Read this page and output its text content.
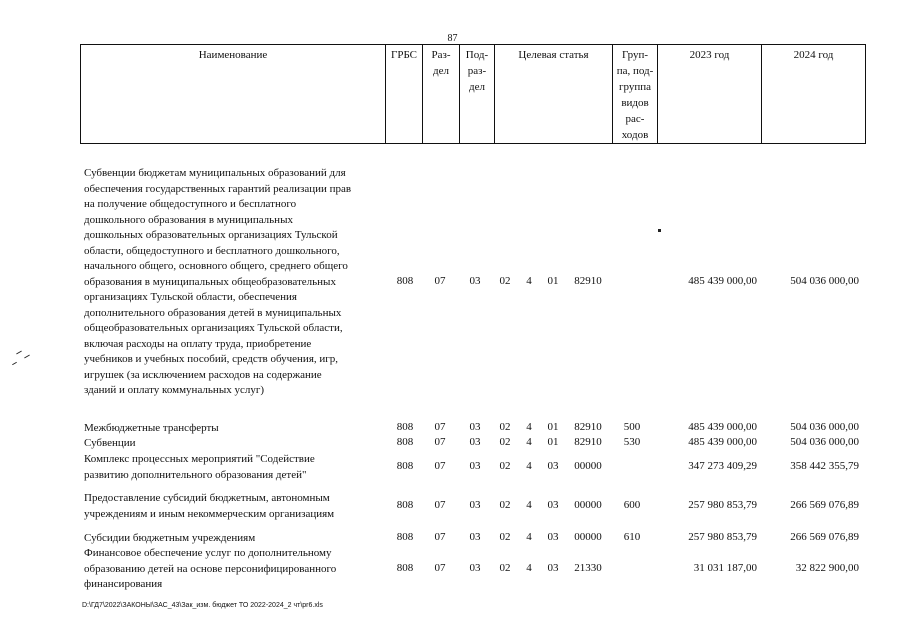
87
Наименование	ГРБС	Раз-
дел

Под-
раз-
дел
	Целевая статья	Груп-
па, под-
группа
видов
рас-
ходов
	2023 год	2024 год
Субвенции бюджетам муниципальных образований для
обеспечения государственных гарантий реализации прав
на получение общедоступного и бесплатного
дошкольного образования в муниципальных
дошкольных образовательных организациях Тульской
области, общедоступного и бесплатного дошкольного,
начального общего, основного общего, среднего общего
образования в муниципальных общеобразовательных
организациях Тульской области, обеспечения
дополнительного образования детей в муниципальных
общеобразовательных организациях Тульской области,
включая расходы на оплату труда, приобретение
учебников и учебных пособий, средств обучения, игр,
игрушек (за исключением расходов на содержание
зданий и оплату коммунальных услуг)
808	07	03	02 4	01	82910	485 439 000,00	504 036 000,00
Межбюджетные трансферты	808	07	03	02 4	01	82910	500	485 439 000,00	504 036 000,00
Субвенции	808	07	03	02 4	01	82910	530	485 439 000,00	504 036 000,00
Комплекс процессных мероприятий "Содействие
развитию дополнительного образования детей"
808	07	03	02 4	03	00000	347 273 409,29	358 442 355,79
Предоставление субсидий бюджетным, автономным
учреждениям и иным некоммерческим организациям
808	07	03	02 4	03	00000	600	257 980 853,79	266 569 076,89
Субсидии бюджетным учреждениям	808	07	03	02 4	03	00000	610	257 980 853,79	266 569 076,89
Финансовое обеспечение услуг по дополнительному
образованию детей на основе персонифицированного
финансирования
808	07	03	02 4	03	21330	31 031 187,00	32 822 900,00
D:\ГД7\2022\ЗАКОНЫ\ЗАС_43\Зак_изм. бюджет ТО 2022-2024_2 чт\рr6.xls
